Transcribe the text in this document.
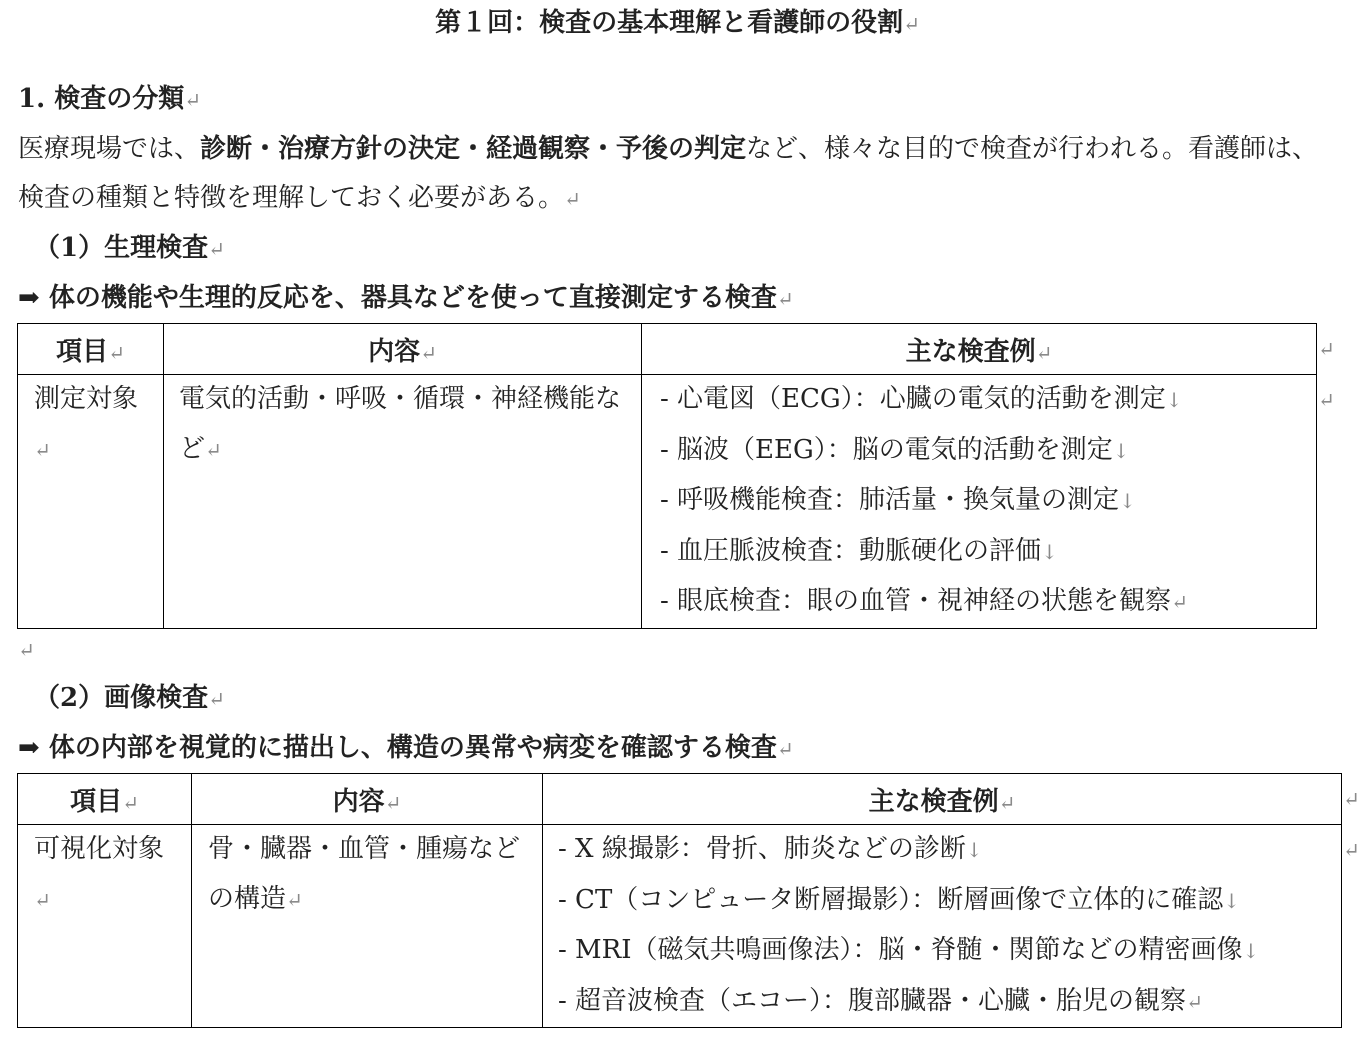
第１回：検査の基本理解と看護師の役割↵
1. 検査の分類↵
医療現場では、診断・治療方針の決定・経過観察・予後の判定など、様々な目的で検査が行われる。看護師は、検査の種類と特徴を理解しておく必要がある。↵
（1）生理検査↵
➡ 体の機能や生理的反応を、器具などを使って直接測定する検査↵
項目↵	内容↵	主な検査例↵

測定対象↵	電気的活動・呼吸・循環・神経機能など↵	- 心電図（ECG）：心臓の電気的活動を測定↓
- 脳波（EEG）：脳の電気的活動を測定↓
- 呼吸機能検査：肺活量・換気量の測定↓
- 血圧脈波検査：動脈硬化の評価↓
- 眼底検査：眼の血管・視神経の状態を観察↵
↵
↵
↵
（2）画像検査↵
➡ 体の内部を視覚的に描出し、構造の異常や病変を確認する検査↵
項目↵	内容↵	主な検査例↵

可視化対象↵	骨・臓器・血管・腫瘍などの構造↵	- X 線撮影：骨折、肺炎などの診断↓
- CT（コンピュータ断層撮影）：断層画像で立体的に確認↓
- MRI（磁気共鳴画像法）：脳・脊髄・関節などの精密画像↓
- 超音波検査（エコー）：腹部臓器・心臓・胎児の観察↵
↵
↵
